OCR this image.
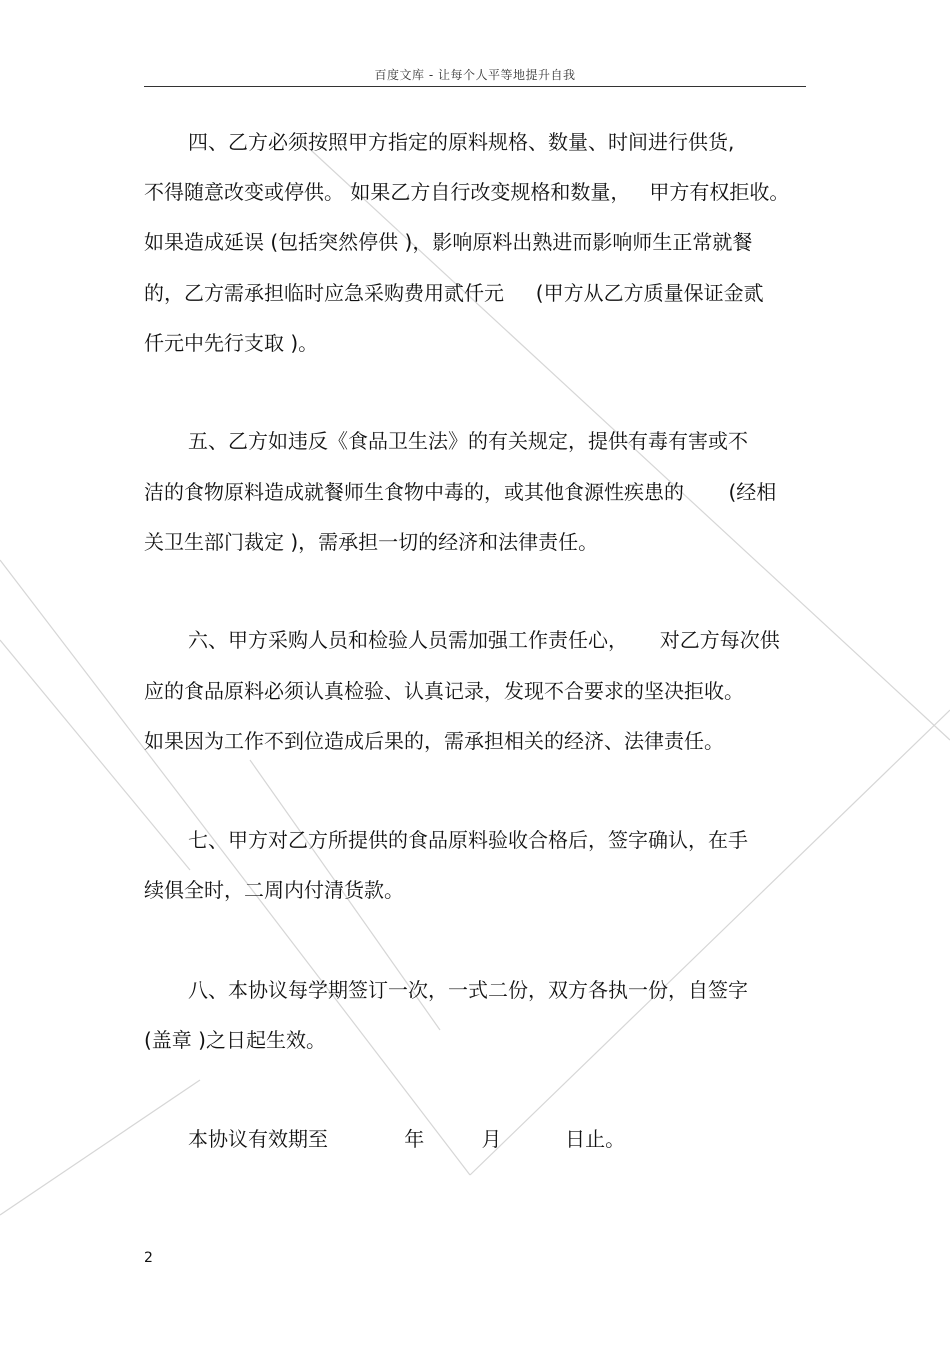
百度文库 - 让每个人平等地提升自我
四、乙方必须按照甲方指定的原料规格、数量、时间进行供货,
不得随意改变或停供。 如果乙方自行改变规格和数量，   甲方有权拒收。
如果造成延误 (包括突然停供 )，影响原料出熟进而影响师生正常就餐
的，乙方需承担临时应急采购费用贰仟元     (甲方从乙方质量保证金贰
仟元中先行支取 )。
五、乙方如违反《食品卫生法》的有关规定，提供有毒有害或不
洁的食物原料造成就餐师生食物中毒的，或其他食源性疾患的       (经相
关卫生部门裁定 )，需承担一切的经济和法律责任。
六、甲方采购人员和检验人员需加强工作责任心，     对乙方每次供
应的食品原料必须认真检验、认真记录，发现不合要求的坚决拒收。
如果因为工作不到位造成后果的，需承担相关的经济、法律责任。
七、甲方对乙方所提供的食品原料验收合格后，签字确认，在手
续俱全时，二周内付清货款。
八、本协议每学期签订一次，一式二份，双方各执一份，自签字
(盖章 )之日起生效。
本协议有效期至            年         月          日止。
2
